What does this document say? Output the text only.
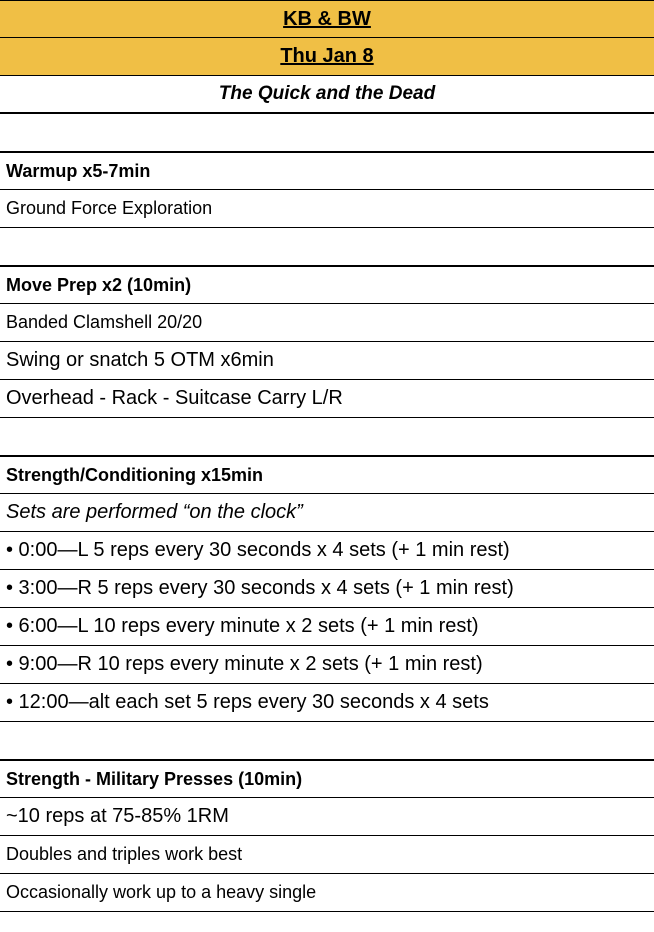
KB & BW
Thu Jan 8
The Quick and the Dead
Warmup x5-7min
Ground Force Exploration
Move Prep x2 (10min)
Banded Clamshell 20/20
Swing or snatch 5 OTM x6min
Overhead - Rack - Suitcase Carry L/R
Strength/Conditioning x15min
Sets are performed “on the clock”
• 0:00—L 5 reps every 30 seconds x 4 sets (+ 1 min rest)
• 3:00—R 5 reps every 30 seconds x 4 sets (+ 1 min rest)
• 6:00—L 10 reps every minute x 2 sets (+ 1 min rest)
• 9:00—R 10 reps every minute x 2 sets (+ 1 min rest)
• 12:00—alt each set 5 reps every 30 seconds x 4 sets
Strength - Military Presses (10min)
~10 reps at 75-85% 1RM
Doubles and triples work best
Occasionally work up to a heavy single
